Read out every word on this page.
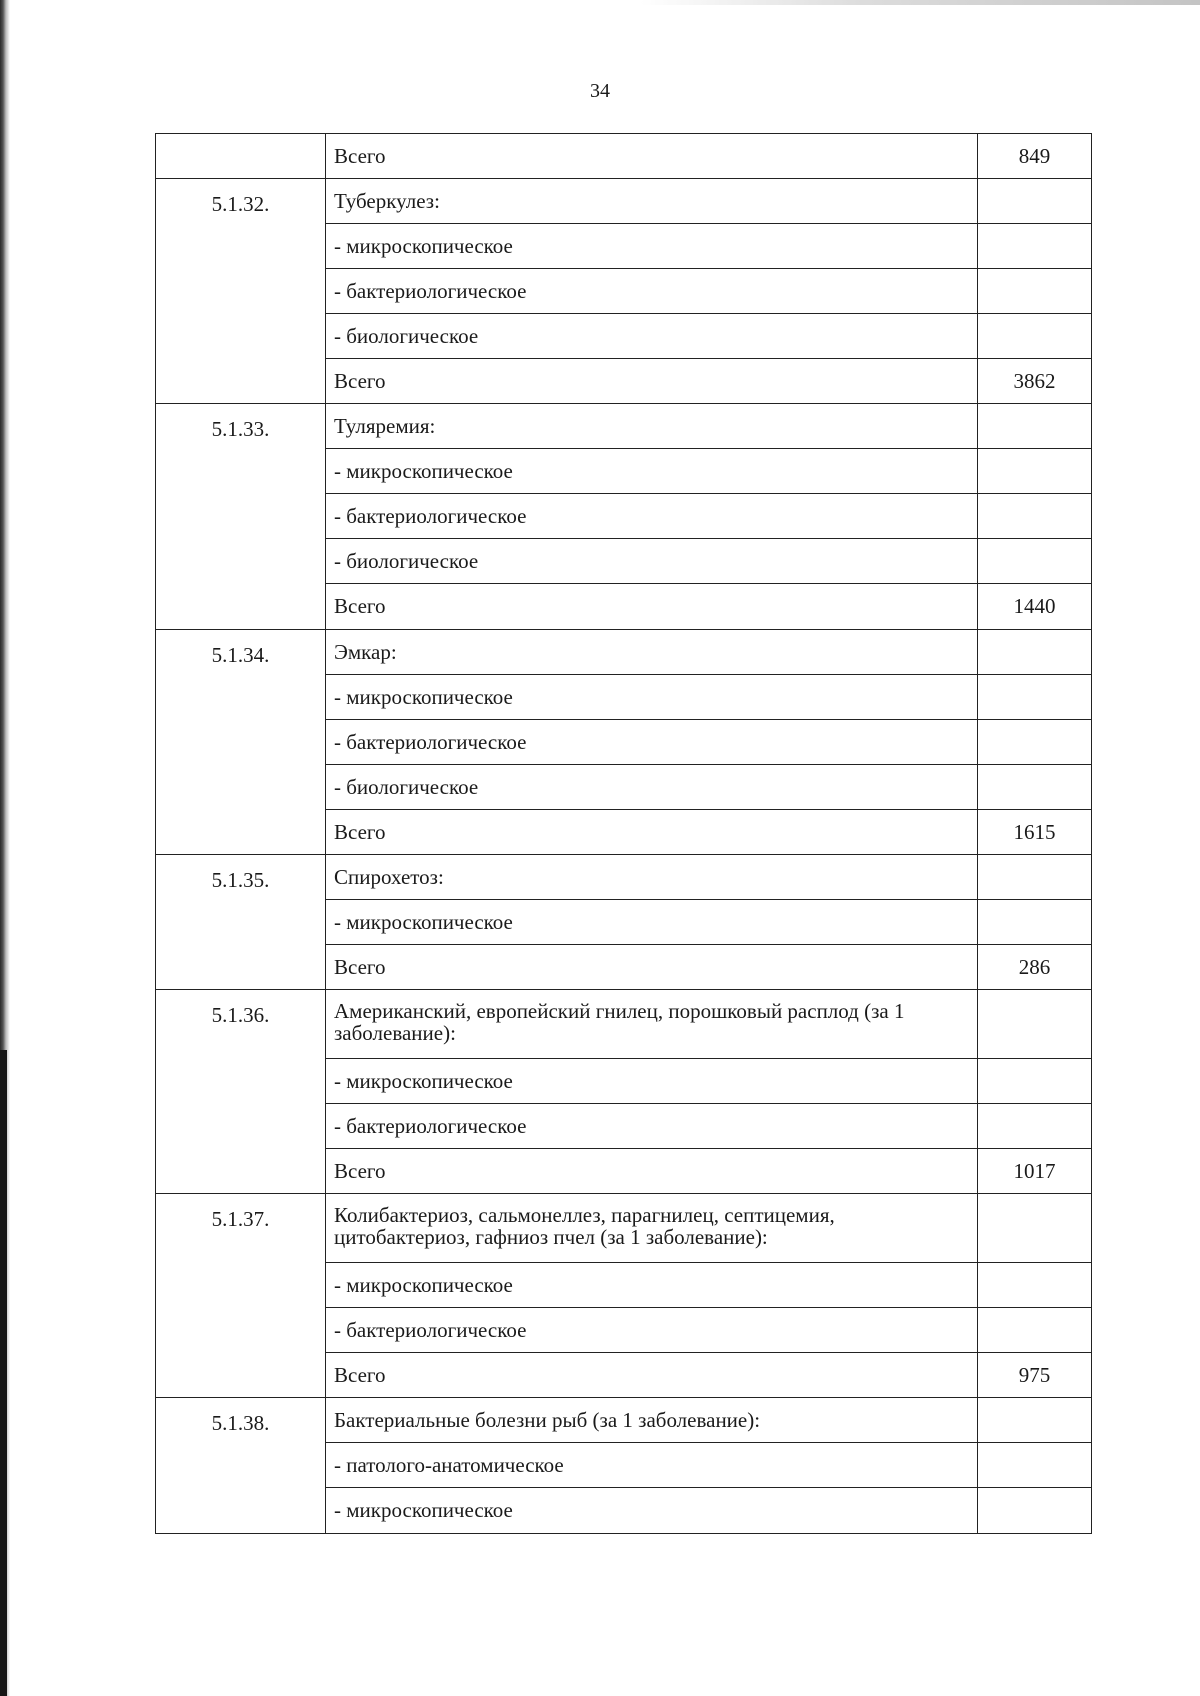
34
	Всего	849
5.1.32.	Туберкулез:	
	- микроскопическое	
	- бактериологическое	
	- биологическое	
	Всего	3862
5.1.33.	Туляремия:	
	- микроскопическое	
	- бактериологическое	
	- биологическое	
	Всего	1440
5.1.34.	Эмкар:	
	- микроскопическое	
	- бактериологическое	
	- биологическое	
	Всего	1615
5.1.35.	Спирохетоз:	
	- микроскопическое	
	Всего	286
5.1.36.	Американский, европейский гнилец, порошковый расплод (за 1 заболевание):	
	- микроскопическое	
	- бактериологическое	
	Всего	1017
5.1.37.	Колибактериоз, сальмонеллез, парагнилец, септицемия, цитобактериоз, гафниоз пчел (за 1 заболевание):	
	- микроскопическое	
	- бактериологическое	
	Всего	975
5.1.38.	Бактериальные болезни рыб (за 1 заболевание):	
	- патолого-анатомическое	
	- микроскопическое	
